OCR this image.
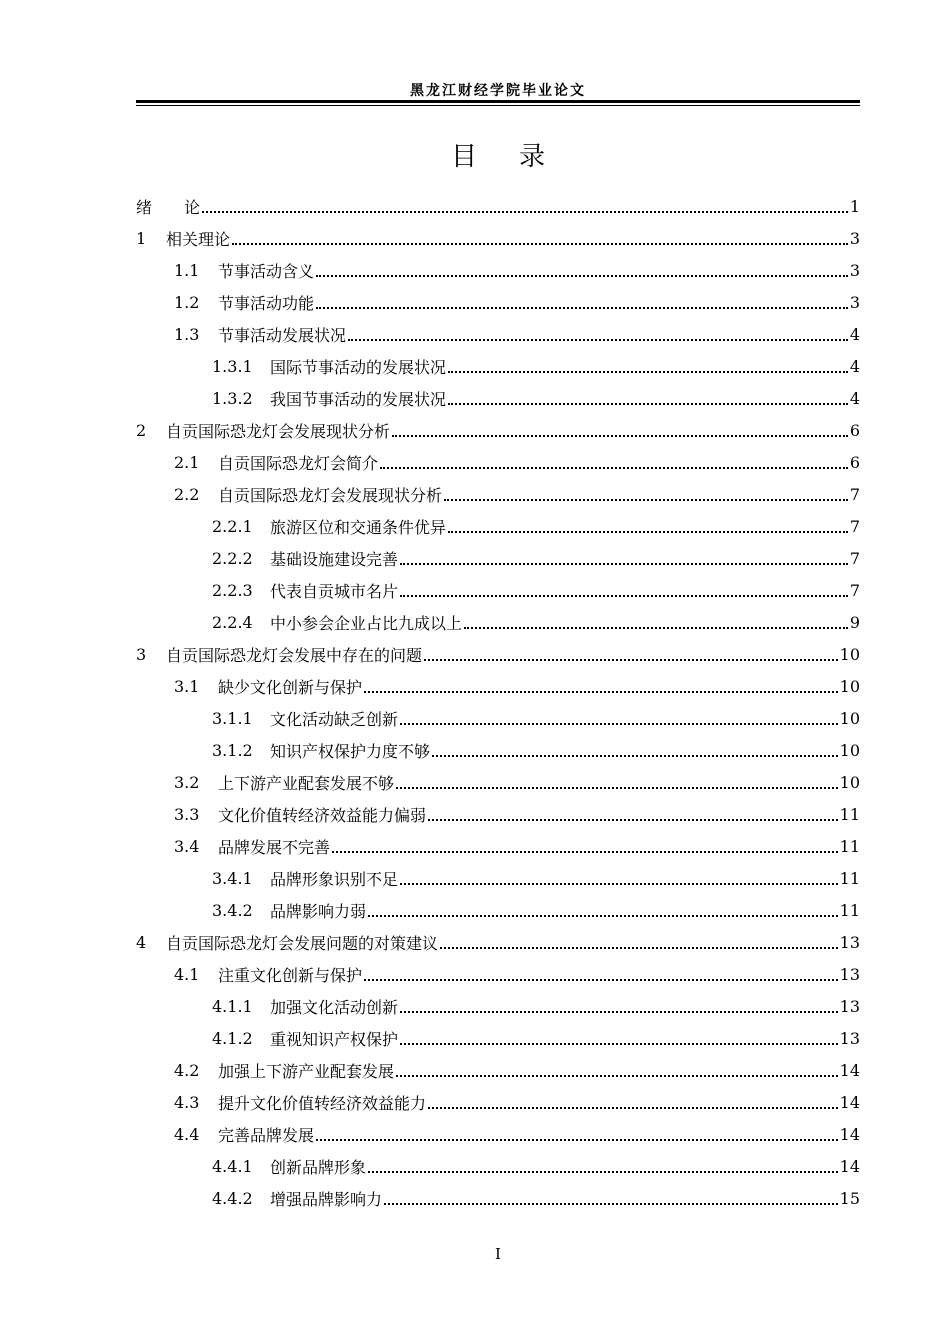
黑龙江财经学院毕业论文
目录
绪　　论	1
1	相关理论	3
1.1	节事活动含义	3
1.2	节事活动功能	3
1.3	节事活动发展状况	4
1.3.1	国际节事活动的发展状况	4
1.3.2	我国节事活动的发展状况	4
2	自贡国际恐龙灯会发展现状分析	6
2.1	自贡国际恐龙灯会简介	6
2.2	自贡国际恐龙灯会发展现状分析	7
2.2.1	旅游区位和交通条件优异	7
2.2.2	基础设施建设完善	7
2.2.3	代表自贡城市名片	7
2.2.4	中小参会企业占比九成以上	9
3	自贡国际恐龙灯会发展中存在的问题	10
3.1	缺少文化创新与保护	10
3.1.1	文化活动缺乏创新	10
3.1.2	知识产权保护力度不够	10
3.2	上下游产业配套发展不够	10
3.3	文化价值转经济效益能力偏弱	11
3.4	品牌发展不完善	11
3.4.1	品牌形象识别不足	11
3.4.2	品牌影响力弱	11
4	自贡国际恐龙灯会发展问题的对策建议	13
4.1	注重文化创新与保护	13
4.1.1	加强文化活动创新	13
4.1.2	重视知识产权保护	13
4.2	加强上下游产业配套发展	14
4.3	提升文化价值转经济效益能力	14
4.4	完善品牌发展	14
4.4.1	创新品牌形象	14
4.4.2	增强品牌影响力	15
I
